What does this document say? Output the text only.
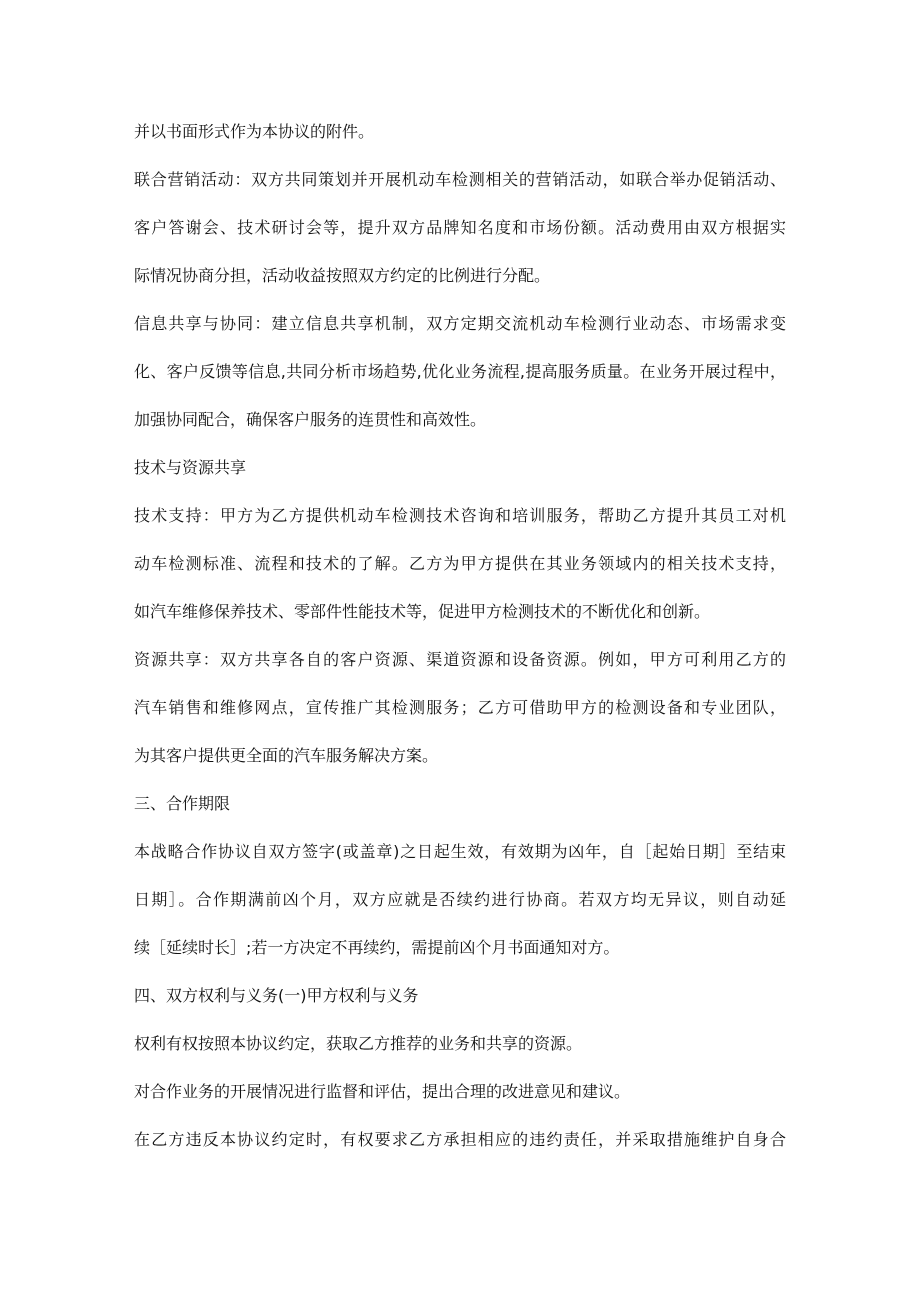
并以书面形式作为本协议的附件。
联合营销活动：双方共同策划并开展机动车检测相关的营销活动，如联合举办促销活动、
客户答谢会、技术研讨会等，提升双方品牌知名度和市场份额。活动费用由双方根据实
际情况协商分担，活动收益按照双方约定的比例进行分配。
信息共享与协同：建立信息共享机制，双方定期交流机动车检测行业动态、市场需求变
化、客户反馈等信息,共同分析市场趋势,优化业务流程,提高服务质量。在业务开展过程中，
加强协同配合，确保客户服务的连贯性和高效性。
技术与资源共享
技术支持：甲方为乙方提供机动车检测技术咨询和培训服务，帮助乙方提升其员工对机
动车检测标准、流程和技术的了解。乙方为甲方提供在其业务领域内的相关技术支持，
如汽车维修保养技术、零部件性能技术等，促进甲方检测技术的不断优化和创新。
资源共享：双方共享各自的客户资源、渠道资源和设备资源。例如，甲方可利用乙方的
汽车销售和维修网点，宣传推广其检测服务；乙方可借助甲方的检测设备和专业团队，
为其客户提供更全面的汽车服务解决方案。
三、合作期限
本战略合作协议自双方签字(或盖章)之日起生效，有效期为凶年，自［起始日期］至结束
日期］。合作期满前凶个月，双方应就是否续约进行协商。若双方均无异议，则自动延
续［延续时长］;若一方决定不再续约，需提前凶个月书面通知对方。
四、双方权利与义务(一)甲方权利与义务
权利有权按照本协议约定，获取乙方推荐的业务和共享的资源。
对合作业务的开展情况进行监督和评估，提出合理的改进意见和建议。
在乙方违反本协议约定时，有权要求乙方承担相应的违约责任，并采取措施维护自身合
